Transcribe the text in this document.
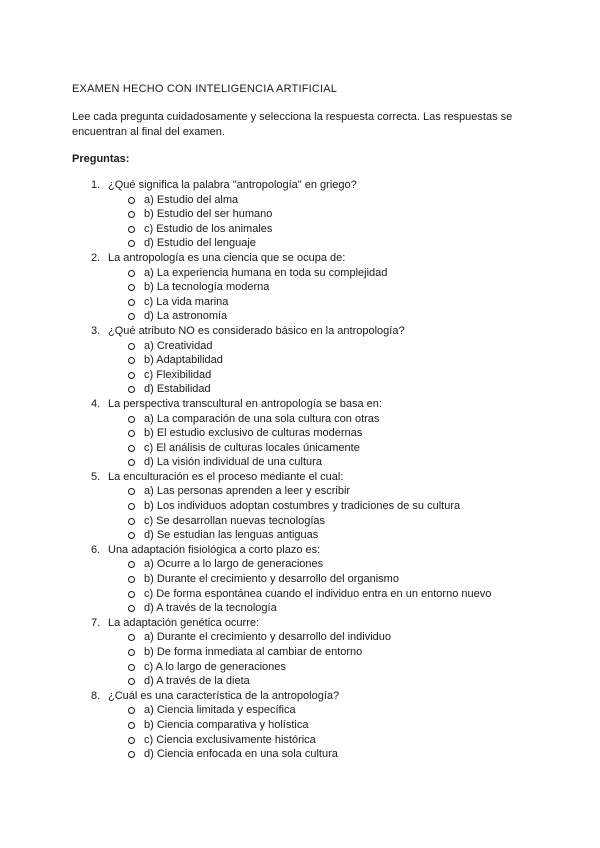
EXAMEN HECHO CON INTELIGENCIA ARTIFICIAL
Lee cada pregunta cuidadosamente y selecciona la respuesta correcta. Las respuestas se encuentran al final del examen.
Preguntas:
1. ¿Qué significa la palabra "antropología" en griego?
a) Estudio del alma
b) Estudio del ser humano
c) Estudio de los animales
d) Estudio del lenguaje
2. La antropología es una ciencia que se ocupa de:
a) La experiencia humana en toda su complejidad
b) La tecnología moderna
c) La vida marina
d) La astronomía
3. ¿Qué atributo NO es considerado básico en la antropología?
a) Creatividad
b) Adaptabilidad
c) Flexibilidad
d) Estabilidad
4. La perspectiva transcultural en antropología se basa en:
a) La comparación de una sola cultura con otras
b) El estudio exclusivo de culturas modernas
c) El análisis de culturas locales únicamente
d) La visión individual de una cultura
5. La enculturación es el proceso mediante el cual:
a) Las personas aprenden a leer y escribir
b) Los individuos adoptan costumbres y tradiciones de su cultura
c) Se desarrollan nuevas tecnologías
d) Se estudian las lenguas antiguas
6. Una adaptación fisiológica a corto plazo es:
a) Ocurre a lo largo de generaciones
b) Durante el crecimiento y desarrollo del organismo
c) De forma espontánea cuando el individuo entra en un entorno nuevo
d) A través de la tecnología
7. La adaptación genética ocurre:
a) Durante el crecimiento y desarrollo del individuo
b) De forma inmediata al cambiar de entorno
c) A lo largo de generaciones
d) A través de la dieta
8. ¿Cuál es una característica de la antropología?
a) Ciencia limitada y específica
b) Ciencia comparativa y holística
c) Ciencia exclusivamente histórica
d) Ciencia enfocada en una sola cultura
